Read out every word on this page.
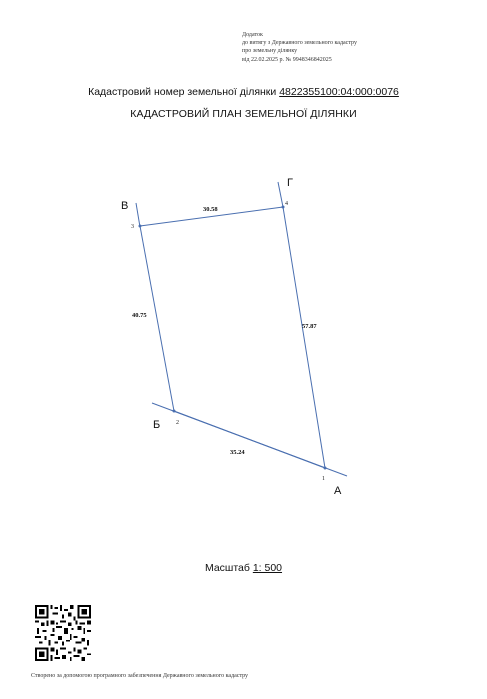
Додаток
до витягу з Державного земельного кадастру
про земельну ділянку
від 22.02.2025 р. № 9948346842025
Кадастровий номер земельної ділянки 4822355100:04:000:0076
КАДАСТРОВИЙ ПЛАН ЗЕМЕЛЬНОЇ ДІЛЯНКИ
1
2
3
4
А
Б
В
Г
35.24
40.75
30.58
57.87
Масштаб 1: 500
Створено за допомогою програмного забезпечення Державного земельного кадастру
